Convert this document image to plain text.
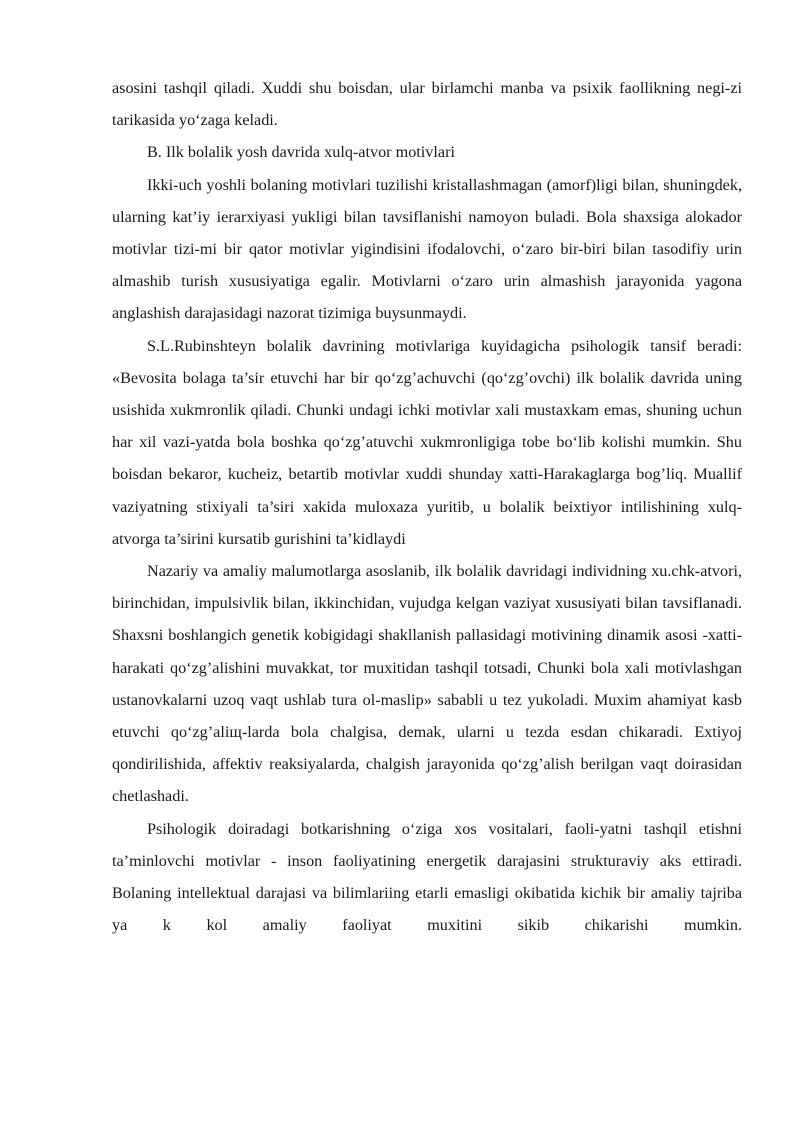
asosini tashqil qiladi. Xuddi shu boisdan, ular birlamchi manba va psixik faollikning negi-zi tarikasida yo‘zaga keladi.

B. Ilk bolalik yosh davrida xulq-atvor motivlari

Ikki-uch yoshli bolaning motivlari tuzilishi kristallashmagan (amorf)ligi bilan, shuningdek, ularning kat’iy ierarxiyasi yukligi bilan tavsiflanishi namoyon buladi. Bola shaxsiga alokador motivlar tizi-mi bir qator motivlar yigindisini ifodalovchi, o‘zaro bir-biri bilan tasodifiy urin almashib turish xususiyatiga egalir. Motivlarni o‘zaro urin almashish jarayonida yagona anglashish darajasidagi nazorat tizimiga buysunmaydi.

S.L.Rubinshteyn bolalik davrining motivlariga kuyidagicha psihologik tansif beradi: «Bevosita bolaga ta’sir etuvchi har bir qo‘zg’achuvchi (qo‘zg’ovchi) ilk bolalik davrida uning usishida xukmronlik qiladi. Chunki undagi ichki motivlar xali mustaxkam emas, shuning uchun har xil vazi-yatda bola boshka qo‘zg’atuvchi xukmronligiga tobe bo‘lib kolishi mumkin. Shu boisdan bekaror, kucheiz, betartib motivlar xuddi shunday xatti-Harakaglarga bog’liq. Muallif vaziyatning stixiyali ta’siri xakida muloxaza yuritib, u bolalik beixtiyor intilishining xulq-atvorga ta’sirini kursatib gurishini ta’kidlaydi

Nazariy va amaliy malumotlarga asoslanib, ilk bolalik davridagi individning xu.chk-atvori, birinchidan, impulsivlik bilan, ikkinchidan, vujudga kelgan vaziyat xususiyati bilan tavsiflanadi. Shaxsni boshlangich genetik kobigidagi shakllanish pallasidagi motivining dinamik asosi -xatti-harakati qo‘zg’alishini muvakkat, tor muxitidan tashqil totsadi, Chunki bola xali motivlashgan ustanovkalarni uzoq vaqt ushlab tura ol-maslip» sababli u tez yukoladi. Muxim ahamiyat kasb etuvchi qo‘zg’aliщ-larda bola chalgisa, demak, ularni u tezda esdan chikaradi. Extiyoj qondirilishida, affektiv reaksiyalarda, chalgish jarayonida qo‘zg’alish berilgan vaqt doirasidan chetlashadi.

Psihologik doiradagi botkarishning o‘ziga xos vositalari, faoli-yatni tashqil etishni ta’minlovchi motivlar - inson faoliyatining energetik darajasini strukturaviy aks ettiradi. Bolaning intellektual darajasi va bilimlariing etarli emasligi okibatida kichik bir amaliy tajriba ya k kol amaliy faoliyat muxitini sikib chikarishi mumkin.
